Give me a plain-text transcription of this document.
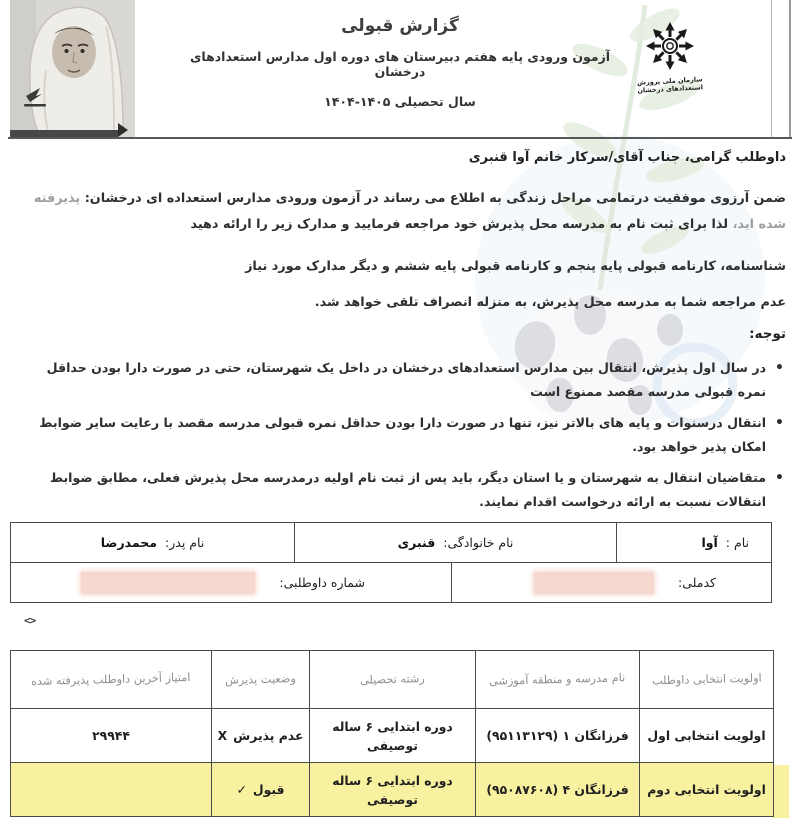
گزارش قبولی
آزمون ورودی پایه هفتم دبیرستان های دوره اول مدارس استعدادهای درخشان
سال تحصیلی ۱۴۰۴-۱۴۰۵
سازمان ملی پرورش استعدادهای درخشان
داوطلب گرامی، جناب آقای/سرکار خانم آوا قنبری
ضمن آرزوی موفقیت درتمامی مراحل زندگی به اطلاع می رساند در آزمون ورودی مدارس استعداده ای درخشان: پذیرفته شده اید، لذا برای ثبت نام به مدرسه محل پذیرش خود مراجعه فرمایید و مدارک زیر را ارائه دهید
شناسنامه، کارنامه قبولی پایه پنجم و کارنامه قبولی پایه ششم و دیگر مدارک مورد نیاز
عدم مراجعه شما به مدرسه محل پذیرش، به منزله انصراف تلقی خواهد شد.
توجه:
•
در سال اول پذیرش، انتقال بین مدارس استعدادهای درخشان در داخل یک شهرستان، حتی در صورت دارا بودن حداقل نمره قبولی مدرسه مقصد ممنوع است
•
انتقال درسنوات و پایه های بالاتر نیز، تنها در صورت دارا بودن حداقل نمره قبولی مدرسه مقصد با رعایت سایر ضوابط امکان پذیر خواهد بود.
•
متقاضیان انتقال به شهرستان و یا استان دیگر، باید پس از ثبت نام اولیه درمدرسه محل پذیرش فعلی، مطابق ضوابط انتقالات نسبت به ارائه درخواست اقدام نمایند.
نام :
آوا
نام خانوادگی:
قنبری
نام پدر:
محمدرضا
کدملی:
شماره داوطلبی:
<>
اولویت انتخابی داوطلب
نام مدرسه و منطقه آموزشی
رشته تحصیلی
وضعیت پذیرش
امتیاز آخرین داوطلب پذیرفته شده
اولویت انتخابی اول
فرزانگان ۱ (۹۵۱۱۳۱۲۹)
دوره ابتدایی ۶ ساله توصیفی
عدم پذیرش
X
۲۹۹۴۴
اولویت انتخابی دوم
فرزانگان ۴ (۹۵۰۸۷۶۰۸)
دوره ابتدایی ۶ ساله توصیفی
قبول
✓
